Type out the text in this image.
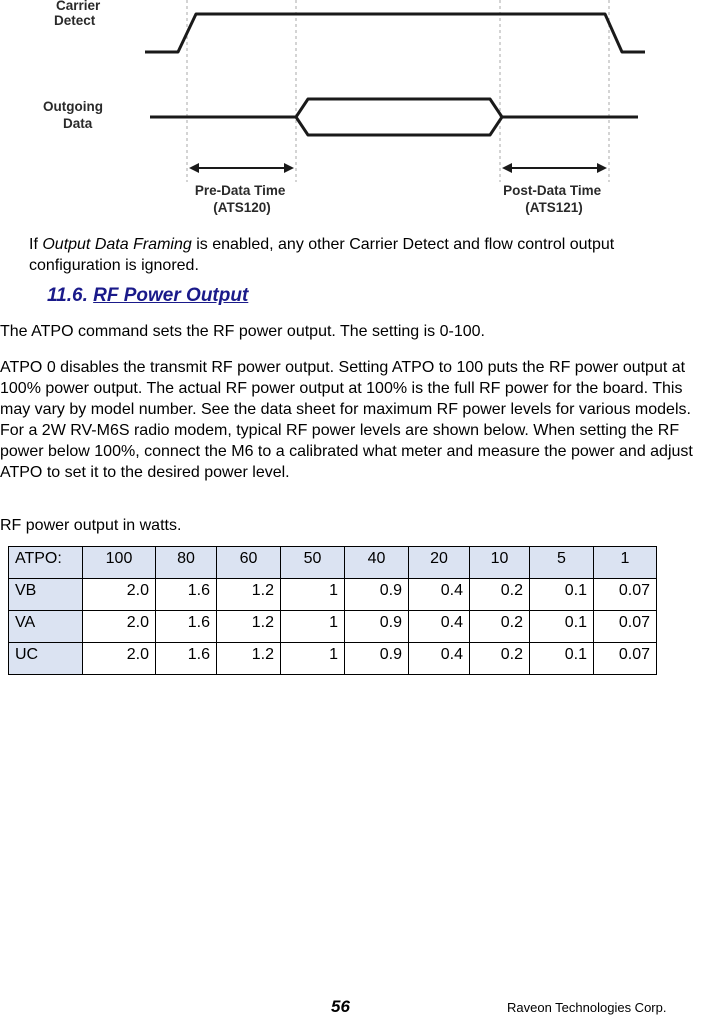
Carrier Detect
Outgoing Data
Pre-Data Time (ATS120)
Post-Data Time (ATS121)

If Output Data Framing is enabled, any other Carrier Detect and flow control output configuration is ignored.

11.6. RF Power Output

The ATPO command sets the RF power output. The setting is 0-100.

ATPO 0 disables the transmit RF power output. Setting ATPO to 100 puts the RF power output at 100% power output. The actual RF power output at 100% is the full RF power for the board. This may vary by model number. See the data sheet for maximum RF power levels for various models. For a 2W RV-M6S radio modem, typical RF power levels are shown below. When setting the RF power below 100%, connect the M6 to a calibrated what meter and measure the power and adjust ATPO to set it to the desired power level.

RF power output in watts.

ATPO:	100	80	60	50	40	20	10	5	1
VB	2.0	1.6	1.2	1	0.9	0.4	0.2	0.1	0.07
VA	2.0	1.6	1.2	1	0.9	0.4	0.2	0.1	0.07
UC	2.0	1.6	1.2	1	0.9	0.4	0.2	0.1	0.07
56	Raveon Technologies Corp.
